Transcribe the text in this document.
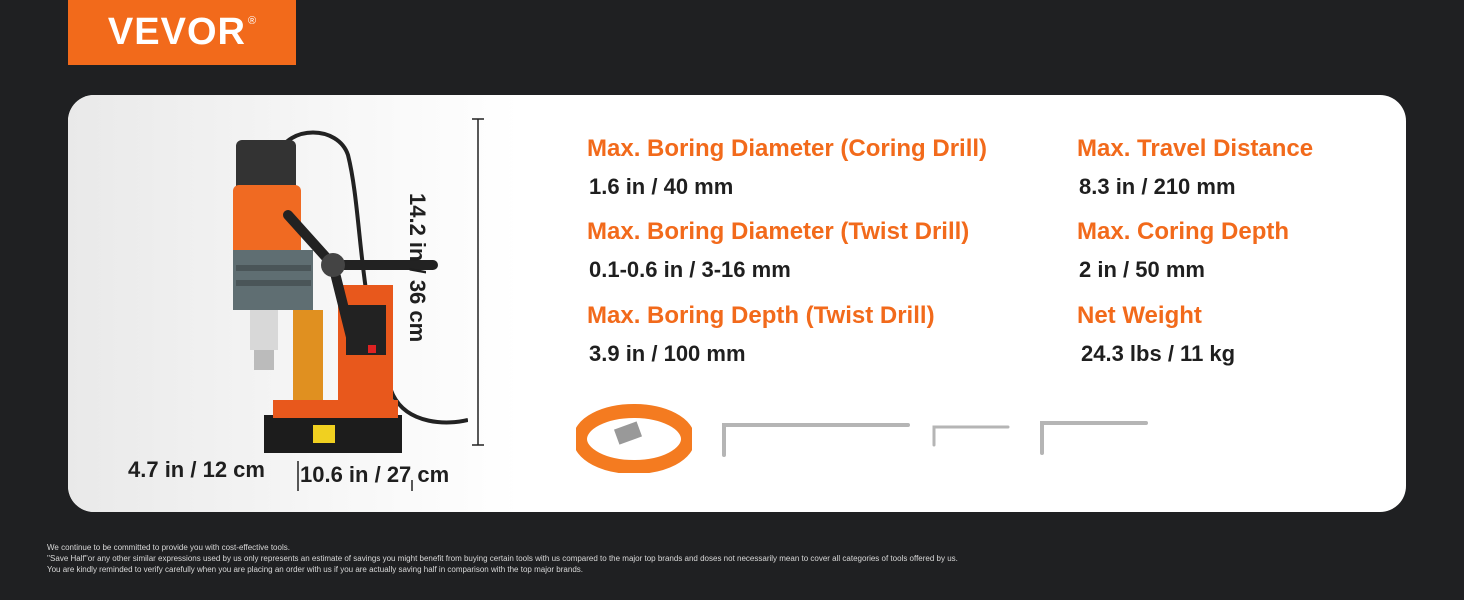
VEVOR ®
14.2 in / 36 cm
4.7 in / 12 cm 10.6 in / 27 cm
Max. Boring Diameter (Coring Drill)
1.6 in / 40 mm
Max. Boring Diameter (Twist Drill)
0.1-0.6 in / 3-16 mm
Max. Boring Depth (Twist Drill)
3.9 in / 100 mm
Max. Travel Distance
8.3 in / 210 mm
Max. Coring Depth
2 in / 50 mm
Net Weight
24.3 lbs / 11 kg
We continue to be committed to provide you with cost-effective tools.
''Save Half''or any other similar expressions used by us only represents an estimate of savings you might benefit from buying certain tools with us compared to the major top brands and doses not necessarily mean to cover all categories of tools offered by us.
You are kindly reminded to verify carefully when you are placing an order with us if you are actually saving half in comparison with the top major brands.
